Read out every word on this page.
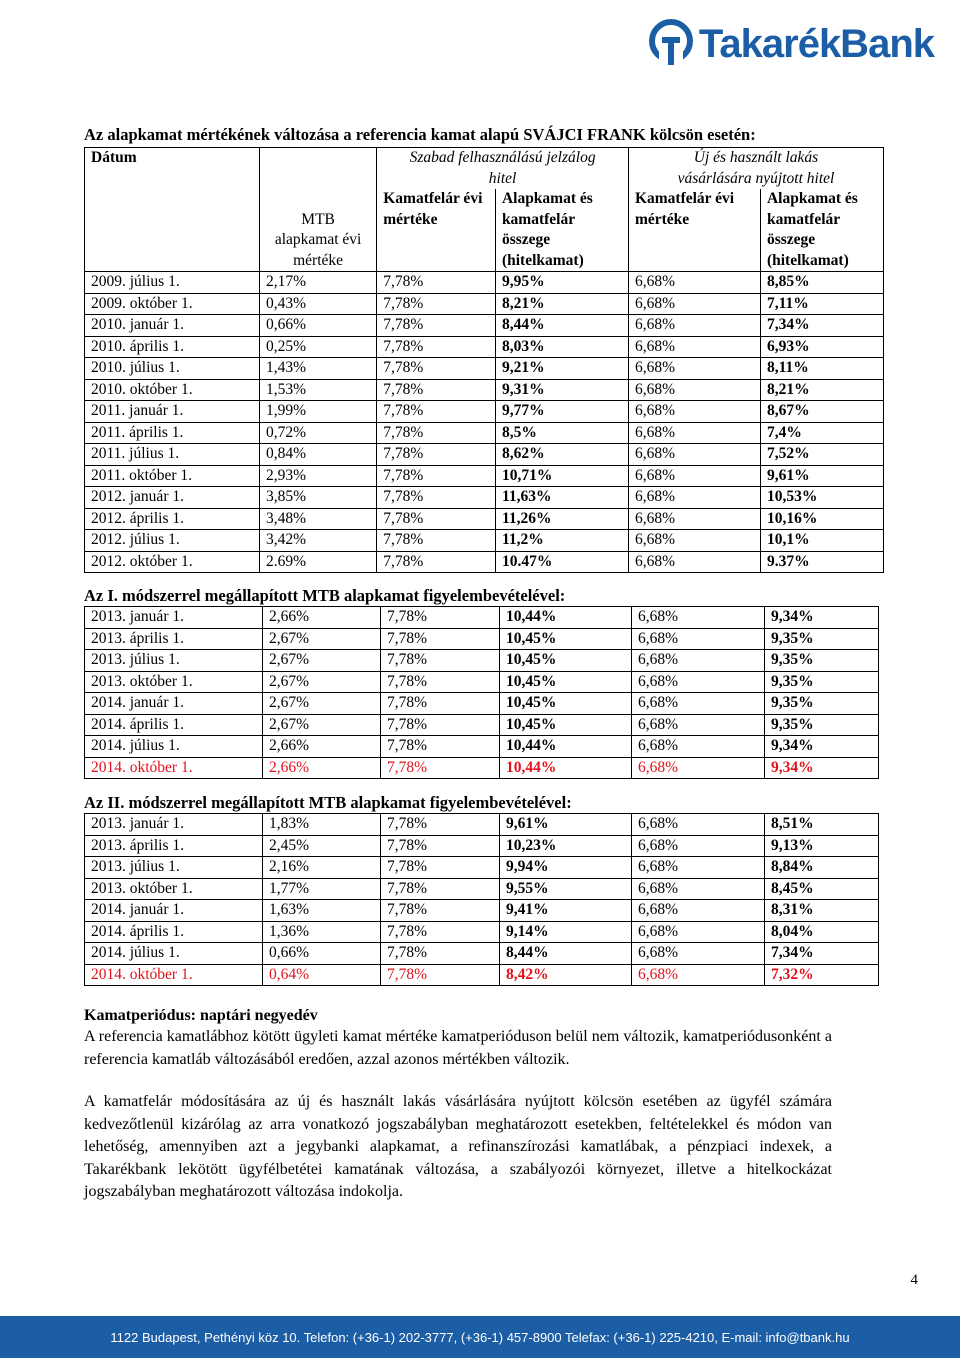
TakarékBank
Az alapkamat mértékének változása a referencia kamat alapú SVÁJCI FRANK kölcsön esetén:
Dátum	MTB alapkamat évi mértéke	Szabad felhasználású jelzálog hitel		Új és használt lakás vásárlására nyújtott hitel	

		Kamatfelár évi mértéke	Alapkamat és kamatfelár összege (hitelkamat)	Kamatfelár évi mértéke	Alapkamat és kamatfelár összege (hitelkamat)

2009. július 1.	2,17%	7,78%	9,95%	6,68%	8,85%
2009. október 1.	0,43%	7,78%	8,21%	6,68%	7,11%
2010. január 1.	0,66%	7,78%	8,44%	6,68%	7,34%
2010. április 1.	0,25%	7,78%	8,03%	6,68%	6,93%
2010. július 1.	1,43%	7,78%	9,21%	6,68%	8,11%
2010. október 1.	1,53%	7,78%	9,31%	6,68%	8,21%
2011. január 1.	1,99%	7,78%	9,77%	6,68%	8,67%
2011. április 1.	0,72%	7,78%	8,5%	6,68%	7,4%
2011. július 1.	0,84%	7,78%	8,62%	6,68%	7,52%
2011. október 1.	2,93%	7,78%	10,71%	6,68%	9,61%
2012. január 1.	3,85%	7,78%	11,63%	6,68%	10,53%
2012. április 1.	3,48%	7,78%	11,26%	6,68%	10,16%
2012. július 1.	3,42%	7,78%	11,2%	6,68%	10,1%
2012. október 1.	2.69%	7,78%	10.47%	6,68%	9.37%
Az I. módszerrel megállapított MTB alapkamat figyelembevételével:
2013. január 1.	2,66%	7,78%	10,44%	6,68%	9,34%
2013. április 1.	2,67%	7,78%	10,45%	6,68%	9,35%
2013. július 1.	2,67%	7,78%	10,45%	6,68%	9,35%
2013. október 1.	2,67%	7,78%	10,45%	6,68%	9,35%
2014. január 1.	2,67%	7,78%	10,45%	6,68%	9,35%
2014. április 1.	2,67%	7,78%	10,45%	6,68%	9,35%
2014. július 1.	2,66%	7,78%	10,44%	6,68%	9,34%
2014. október 1.	2,66%	7,78%	10,44%	6,68%	9,34%
Az II. módszerrel megállapított MTB alapkamat figyelembevételével:
2013. január 1.	1,83%	7,78%	9,61%	6,68%	8,51%
2013. április 1.	2,45%	7,78%	10,23%	6,68%	9,13%
2013. július 1.	2,16%	7,78%	9,94%	6,68%	8,84%
2013. október 1.	1,77%	7,78%	9,55%	6,68%	8,45%
2014. január 1.	1,63%	7,78%	9,41%	6,68%	8,31%
2014. április 1.	1,36%	7,78%	9,14%	6,68%	8,04%
2014. július 1.	0,66%	7,78%	8,44%	6,68%	7,34%
2014. október 1.	0,64%	7,78%	8,42%	6,68%	7,32%
Kamatperiódus: naptári negyedév

A referencia kamatlábhoz kötött ügyleti kamat mértéke kamatperióduson belül nem változik, kamatperiódusonként a referencia kamatláb változásából eredően, azzal azonos mértékben változik.

A kamatfelár módosítására az új és használt lakás vásárlására nyújtott kölcsön esetében az ügyfél számára kedvezőtlenül kizárólag az arra vonatkozó jogszabályban meghatározott esetekben, feltételekkel és módon van lehetőség, amennyiben azt a jegybanki alapkamat, a refinanszírozási kamatlábak, a pénzpiaci indexek, a Takarékbank lekötött ügyfélbetétei kamatának változása, a szabályozói környezet, illetve a hitelkockázat jogszabályban meghatározott változása indokolja.

4
1122 Budapest, Pethényi köz 10. Telefon: (+36-1) 202-3777, (+36-1) 457-8900 Telefax: (+36-1) 225-4210, E-mail: info@tbank.hu
